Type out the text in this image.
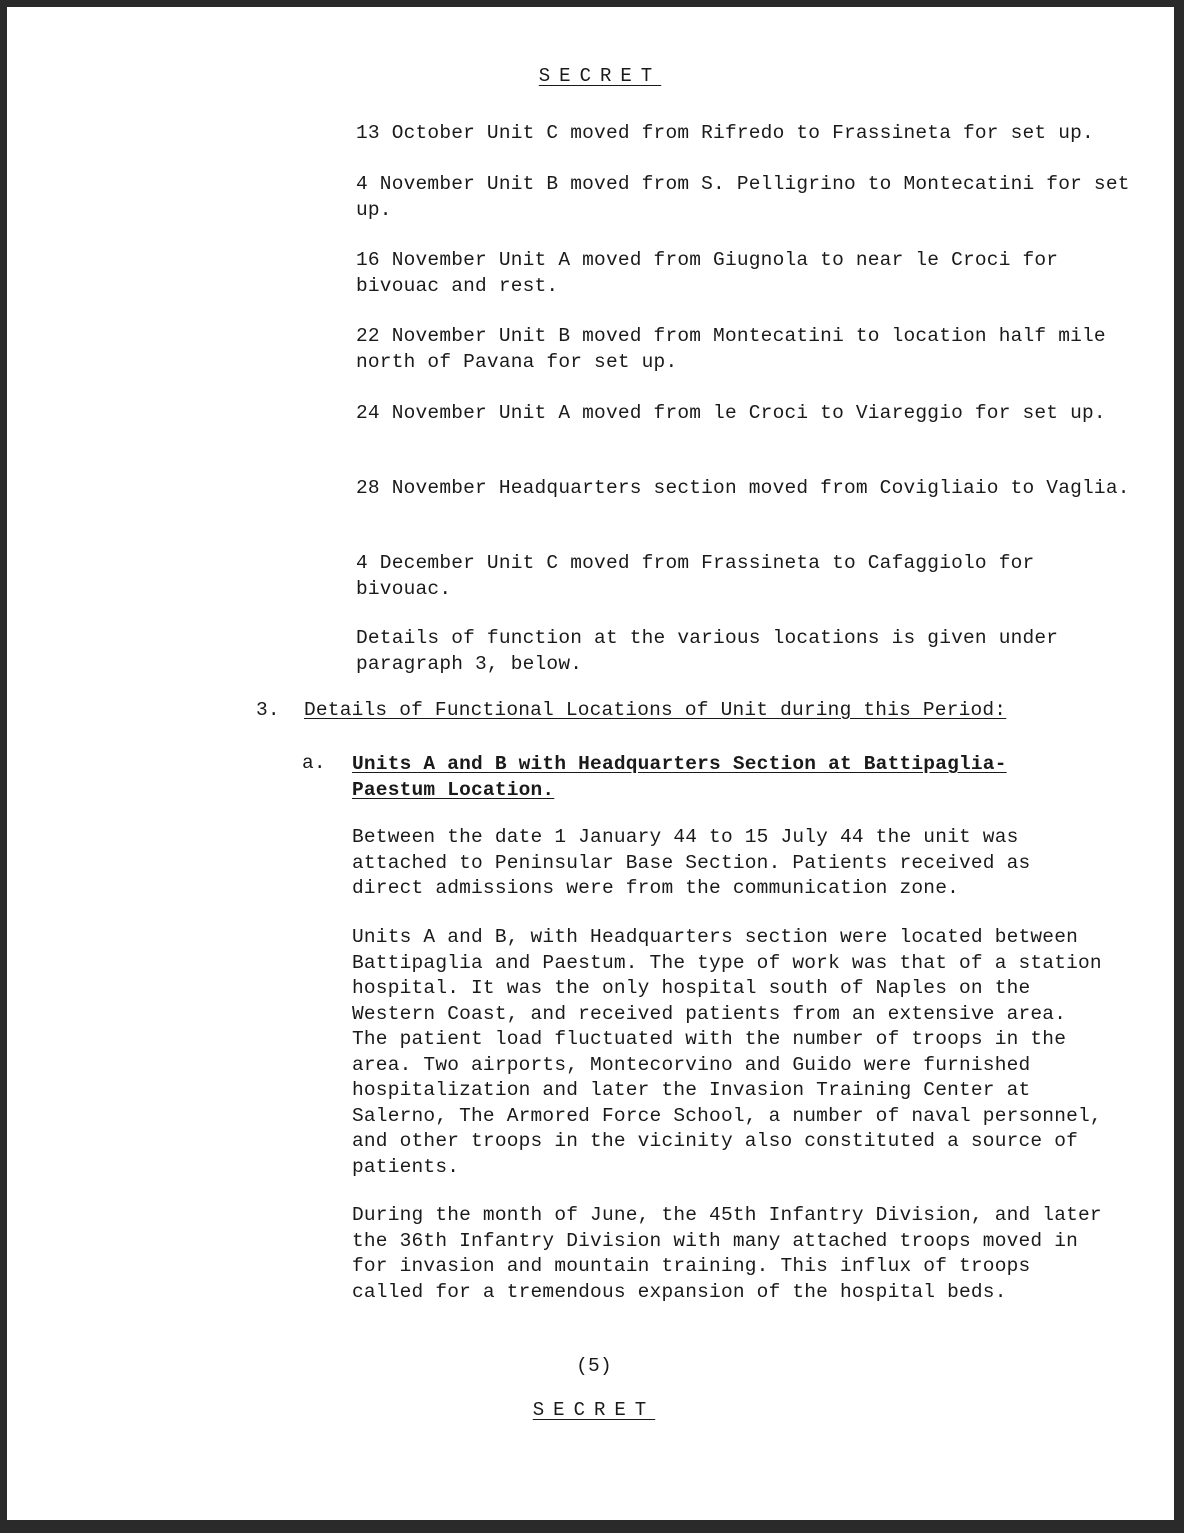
SECRET

13 October Unit C moved from Rifredo to Frassineta for set up.

4 November Unit B moved from S. Pelligrino to Montecatini for set up.

16 November Unit A moved from Giugnola to near le Croci for bivouac and rest.

22 November Unit B moved from Montecatini to location half mile north of Pavana for set up.

24 November Unit A moved from le Croci to Viareggio for set up.

28 November Headquarters section moved from Covigliaio to Vaglia.

4 December Unit C moved from Frassineta to Cafaggiolo for bivouac.

Details of function at the various locations is given under paragraph 3, below.

3. Details of Functional Locations of Unit during this Period:
a. Units A and B with Headquarters Section at Battipaglia-Paestum Location.

Between the date 1 January 44 to 15 July 44 the unit was attached to Peninsular Base Section. Patients received as direct admissions were from the communication zone.

Units A and B, with Headquarters section were located between Battipaglia and Paestum. The type of work was that of a station hospital. It was the only hospital south of Naples on the Western Coast, and received patients from an extensive area. The patient load fluctuated with the number of troops in the area. Two airports, Montecorvino and Guido were furnished hospitalization and later the Invasion Training Center at Salerno, The Armored Force School, a number of naval personnel, and other troops in the vicinity also constituted a source of patients.

During the month of June, the 45th Infantry Division, and later the 36th Infantry Division with many attached troops moved in for invasion and mountain training. This influx of troops called for a tremendous expansion of the hospital beds.

(5)
SECRET
